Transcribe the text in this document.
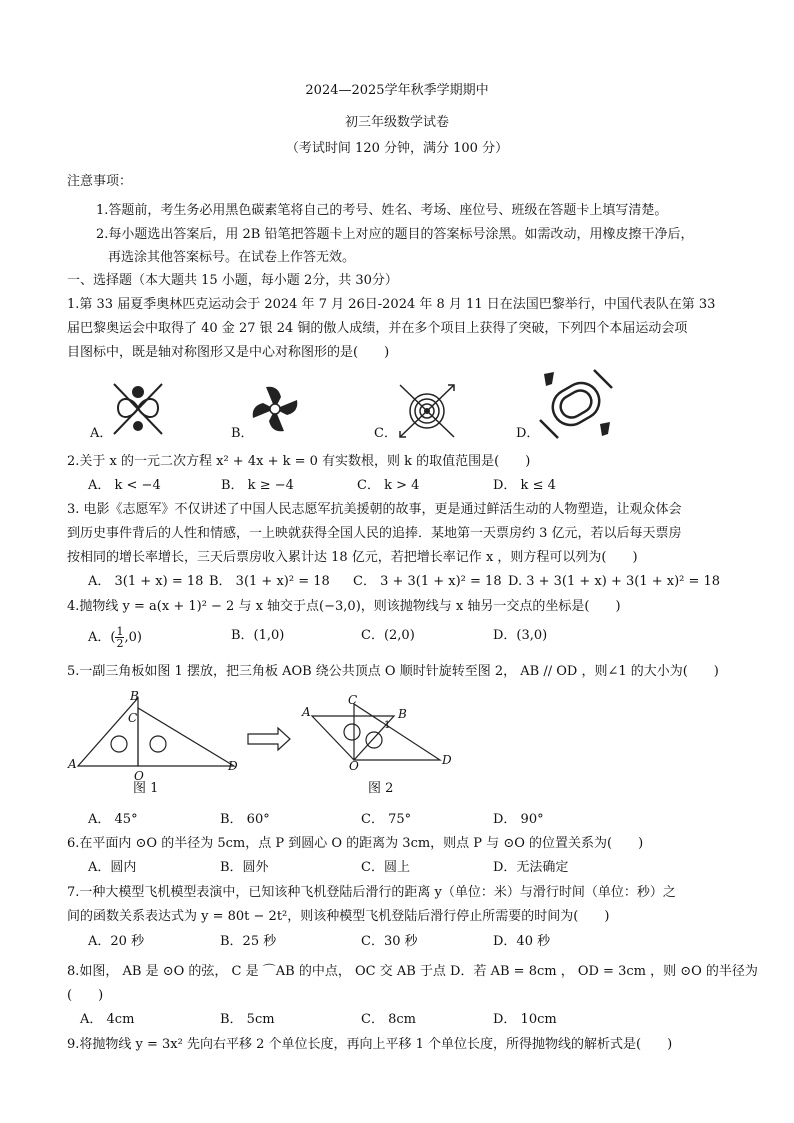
2024—2025学年秋季学期期中
初三年级数学试卷
（考试时间 120 分钟，满分 100 分）
注意事项：
1.答题前，考生务必用黑色碳素笔将自己的考号、姓名、考场、座位号、班级在答题卡上填写清楚。
2.每小题选出答案后，用 2B 铅笔把答题卡上对应的题目的答案标号涂黑。如需改动，用橡皮擦干净后，
再选涂其他答案标号。在试卷上作答无效。
一、选择题（本大题共 15 小题，每小题 2分，共 30分）
1.第 33 届夏季奥林匹克运动会于 2024 年 7 月 26日-2024 年 8 月 11 日在法国巴黎举行，中国代表队在第 33
届巴黎奥运会中取得了 40 金 27 银 24 铜的傲人成绩，并在多个项目上获得了突破，下列四个本届运动会项
目图标中，既是轴对称图形又是中心对称图形的是(　　)
A．	B．	C．	D．
2.关于 x 的一元二次方程 x² + 4x + k = 0 有实数根，则 k 的取值范围是(　　)
A． k < −4	B． k ≥ −4	C． k > 4	D． k ≤ 4
3. 电影《志愿军》不仅讲述了中国人民志愿军抗美援朝的故事，更是通过鲜活生动的人物塑造，让观众体会
到历史事件背后的人性和情感，一上映就获得全国人民的追捧．某地第一天票房约 3 亿元，若以后每天票房
按相同的增长率增长，三天后票房收入累计达 18 亿元，若把增长率记作 x ，则方程可以列为(　　)
A． 3(1 + x) = 18 B． 3(1 + x)² = 18 C． 3 + 3(1 + x)² = 18 D. 3 + 3(1 + x) + 3(1 + x)² = 18
4.抛物线 y = a(x + 1)² − 2 与 x 轴交于点(−3,0)，则该抛物线与 x 轴另一交点的坐标是(　　)
A．( $\frac{1}{2} ,0$)	B．(1,0)	C．(2,0)	D．(3,0)
5.一副三角板如图 1 摆放，把三角板 AOB 绕公共顶点 O 顺时针旋转至图 2， AB // OD ，则∠1 的大小为(　　)
B
C
A
O
D
A
C
B
1
O	D
图 1	图 2
A． 45°	B． 60°	C． 75°	D． 90°
6.在平面内 ⊙O 的半径为 5cm，点 P 到圆心 O 的距离为 3cm，则点 P 与 ⊙O 的位置关系为(　　)
A．圆内	B．圆外	C．圆上	D．无法确定
7.一种大模型飞机模型表演中，已知该种飞机登陆后滑行的距离 y（单位：米）与滑行时间（单位：秒）之
间的函数关系表达式为 y = 80t − 2t²，则该种模型飞机登陆后滑行停止所需要的时间为(　　)
A．20 秒	B．25 秒	C．30 秒	D．40 秒
8.如图， AB 是 ⊙O 的弦， C 是 ⌒AB 的中点， OC 交 AB 于点 D．若 AB = 8cm ， OD = 3cm ，则 ⊙O 的半径为
(　　)
A． 4cm	B． 5cm	C． 8cm	D． 10cm
9.将抛物线 y = 3x² 先向右平移 2 个单位长度，再向上平移 1 个单位长度，所得抛物线的解析式是(　　)
